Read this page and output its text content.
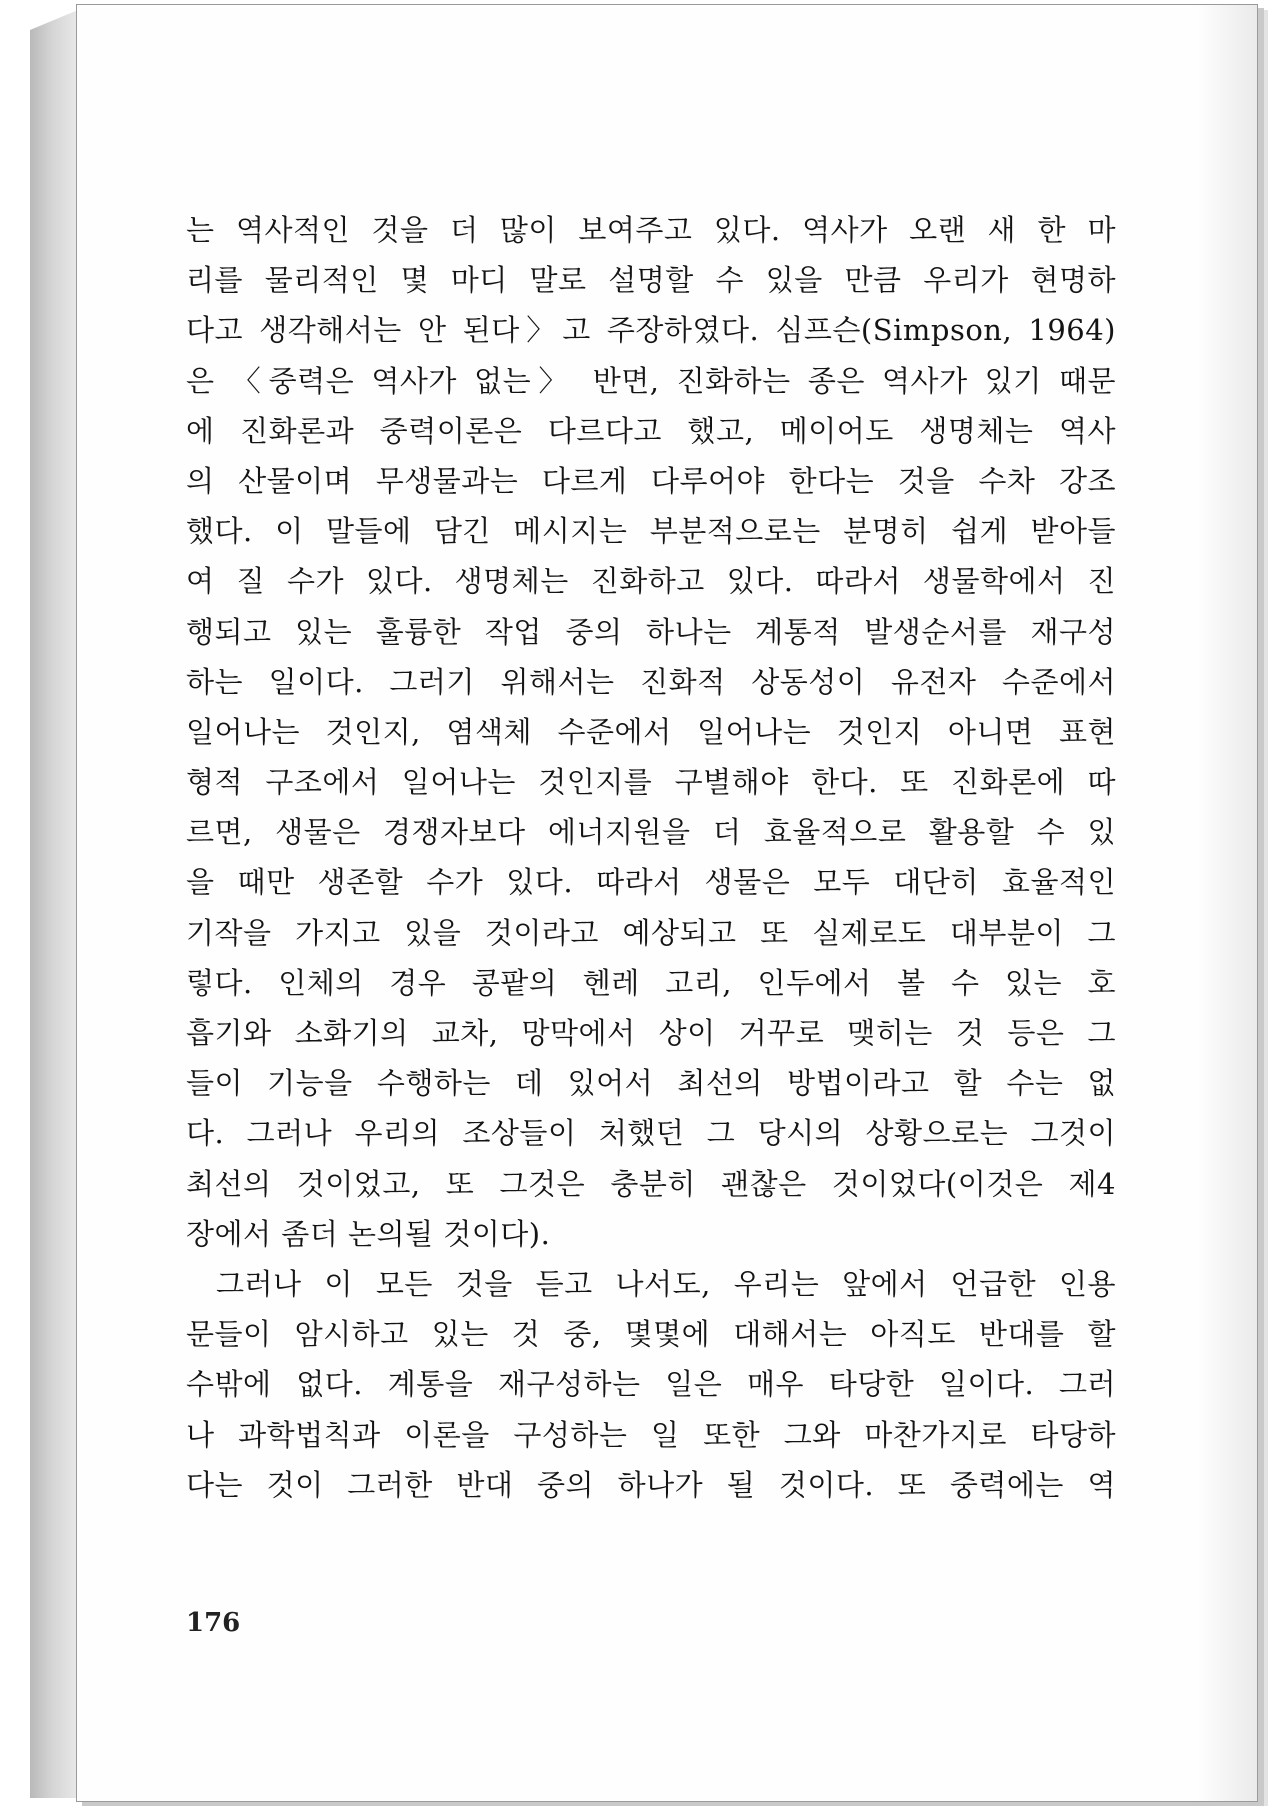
는 역사적인 것을 더 많이 보여주고 있다. 역사가 오랜 새 한 마
리를 물리적인 몇 마디 말로 설명할 수 있을 만큼 우리가 현명하
다고 생각해서는 안 된다〉고 주장하였다. 심프슨(Simpson, 1964)
은 〈중력은 역사가 없는〉 반면, 진화하는 종은 역사가 있기 때문
에 진화론과 중력이론은 다르다고 했고, 메이어도 생명체는 역사
의 산물이며 무생물과는 다르게 다루어야 한다는 것을 수차 강조
했다. 이 말들에 담긴 메시지는 부분적으로는 분명히 쉽게 받아들
여 질 수가 있다. 생명체는 진화하고 있다. 따라서 생물학에서 진
행되고 있는 훌륭한 작업 중의 하나는 계통적 발생순서를 재구성
하는 일이다. 그러기 위해서는 진화적 상동성이 유전자 수준에서
일어나는 것인지, 염색체 수준에서 일어나는 것인지 아니면 표현
형적 구조에서 일어나는 것인지를 구별해야 한다. 또 진화론에 따
르면, 생물은 경쟁자보다 에너지원을 더 효율적으로 활용할 수 있
을 때만 생존할 수가 있다. 따라서 생물은 모두 대단히 효율적인
기작을 가지고 있을 것이라고 예상되고 또 실제로도 대부분이 그
렇다. 인체의 경우 콩팥의 헨레 고리, 인두에서 볼 수 있는 호
흡기와 소화기의 교차, 망막에서 상이 거꾸로 맺히는 것 등은 그
들이 기능을 수행하는 데 있어서 최선의 방법이라고 할 수는 없
다. 그러나 우리의 조상들이 처했던 그 당시의 상황으로는 그것이
최선의 것이었고, 또 그것은 충분히 괜찮은 것이었다(이것은 제4
장에서 좀더 논의될 것이다).
그러나 이 모든 것을 듣고 나서도, 우리는 앞에서 언급한 인용
문들이 암시하고 있는 것 중, 몇몇에 대해서는 아직도 반대를 할
수밖에 없다. 계통을 재구성하는 일은 매우 타당한 일이다. 그러
나 과학법칙과 이론을 구성하는 일 또한 그와 마찬가지로 타당하
다는 것이 그러한 반대 중의 하나가 될 것이다. 또 중력에는 역
176
